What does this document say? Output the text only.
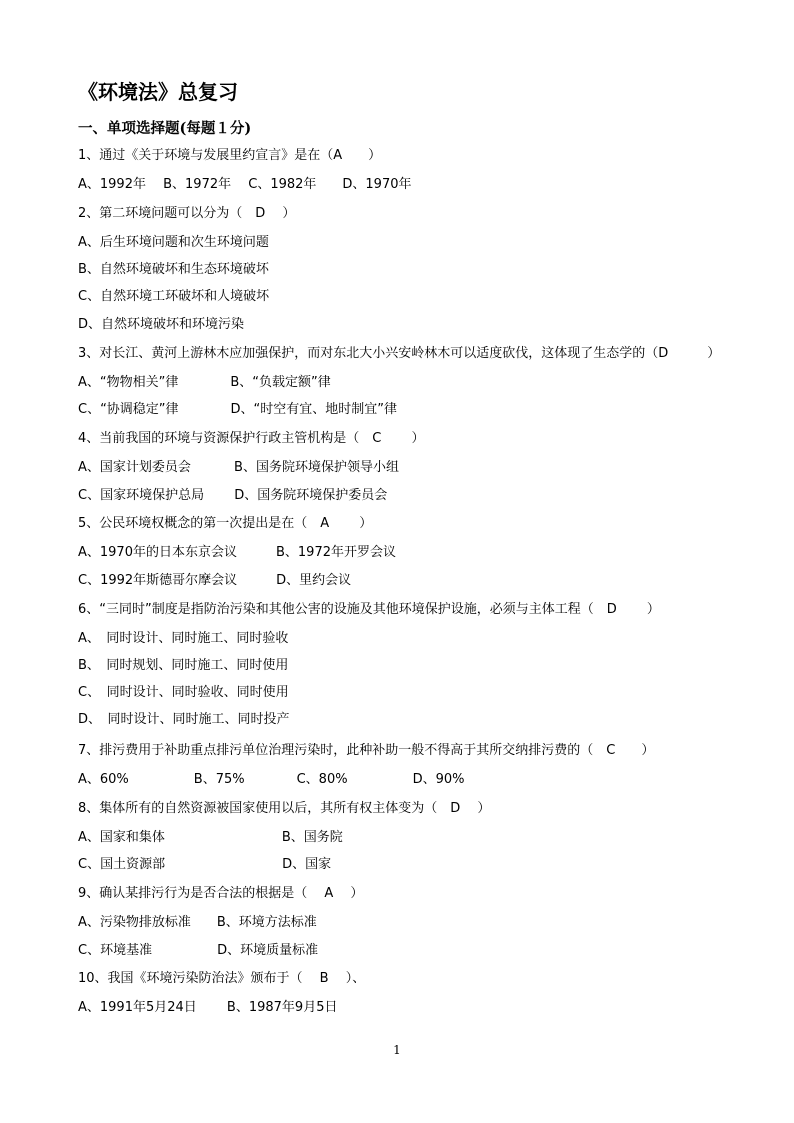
《环境法》总复习
一、单项选择题(每题１分)
1、通过《关于环境与发展里约宣言》是在（A　　）
A、1992年　 B、1972年　 C、1982年　　D、1970年
2、第二环境问题可以分为（　D　 ）
A、后生环境问题和次生环境问题
B、自然环境破坏和生态环境破坏
C、自然环境工环破坏和人境破坏
D、自然环境破坏和环境污染
3、对长江、黄河上游林木应加强保护，而对东北大小兴安岭林木可以适度砍伐，这体现了生态学的（D　　　）
A、“物物相关”律　　　　B、“负载定额”律
C、“协调稳定”律　　　　D、“时空有宜、地时制宜”律
4、当前我国的环境与资源保护行政主管机构是（　C　　 ）
A、国家计划委员会　　　 B、国务院环境保护领导小组
C、国家环境保护总局　　 D、国务院环境保护委员会
5、公民环境权概念的第一次提出是在（　A　　 ）
A、1970年的日本东京会议　　　B、1972年开罗会议
C、1992年斯德哥尔摩会议　　　D、里约会议
6、“三同时”制度是指防治污染和其他公害的设施及其他环境保护设施，必须与主体工程（　D　　 ）
A、　同时设计、同时施工、同时验收
B、　同时规划、同时施工、同时使用
C、　同时设计、同时验收、同时使用
D、　同时设计、同时施工、同时投产
7、排污费用于补助重点排污单位治理污染时，此种补助一般不得高于其所交纳排污费的（　C　　）
A、60%　　　　　B、75%　　　　C、80%　　　　　D、90%
8、集体所有的自然资源被国家使用以后，其所有权主体变为（　D　 ）
A、国家和集体　　　　　　　　　B、国务院
C、国土资源部　　　　　　　　　D、国家
9、确认某排污行为是否合法的根据是（　 A　 ）
A、污染物排放标准　　B、环境方法标准
C、环境基准　　　　　D、环境质量标准
10、我国《环境污染防治法》颁布于（　 B　 ）、
A、1991年5月24日　　 B、1987年9月5日
1
